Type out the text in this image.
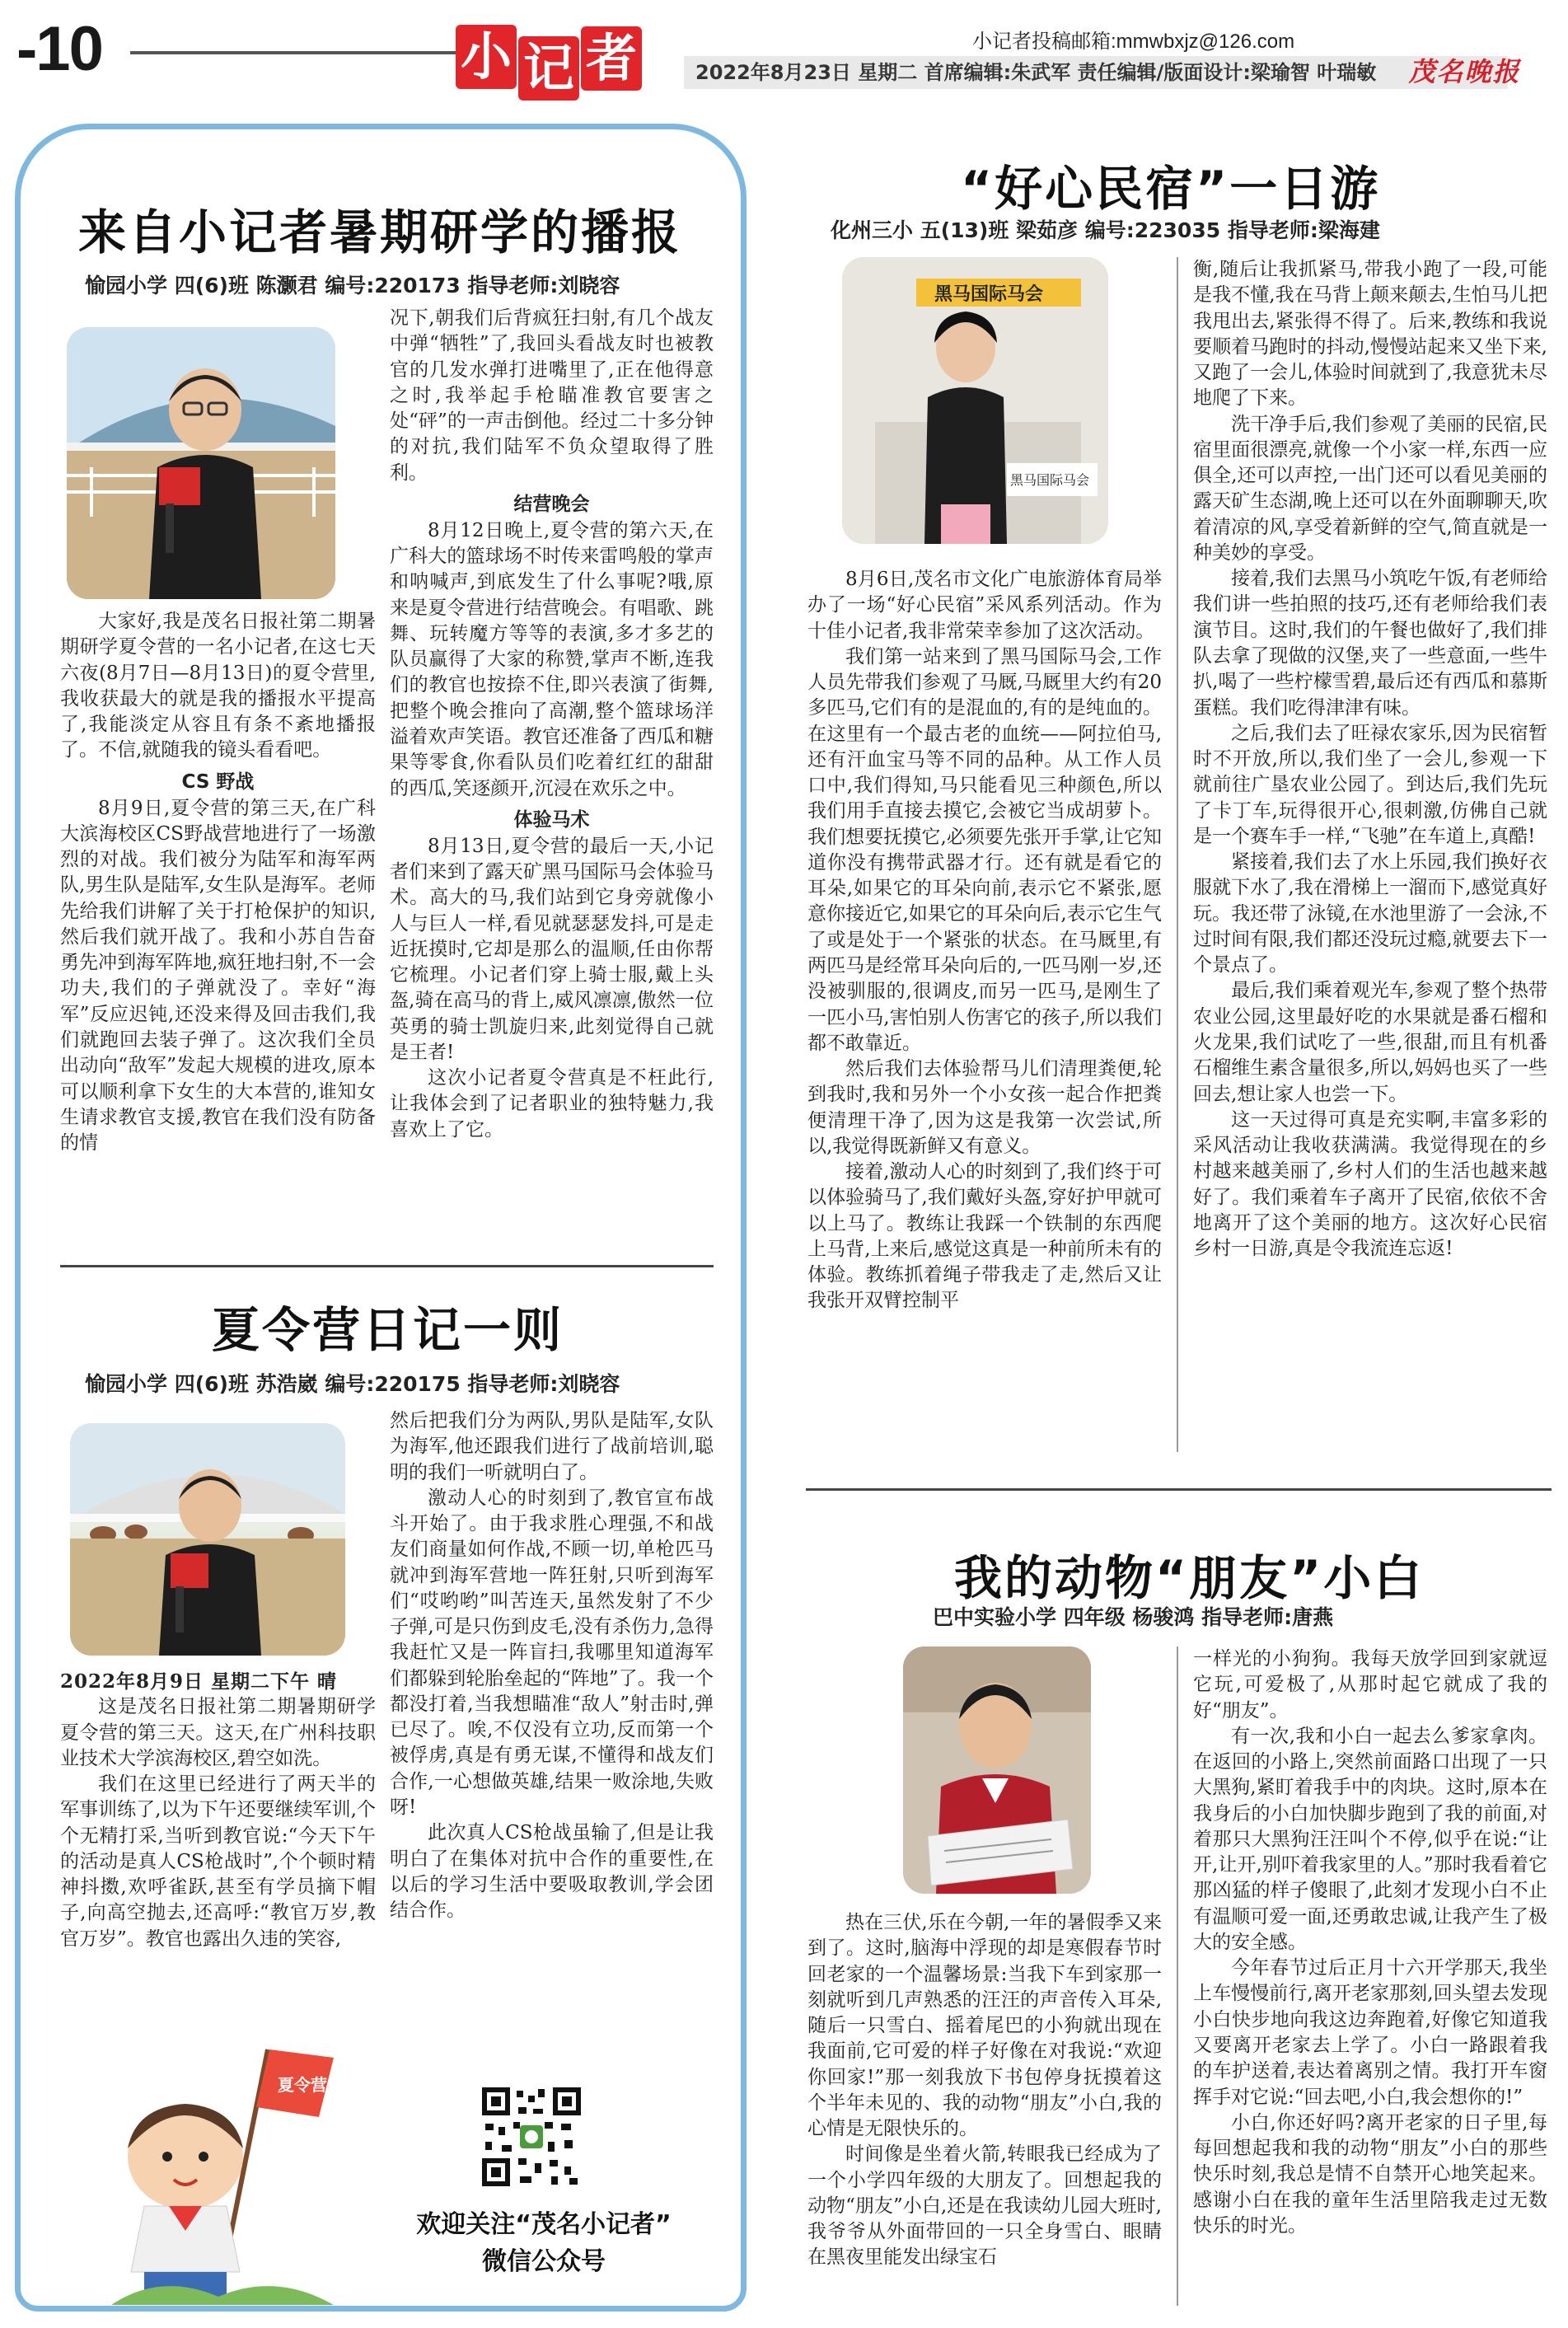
-10	小 记 者	小记者投稿邮箱:mmwbxjz@126.com
2022年8月23日 星期二 首席编辑:朱武军 责任编辑/版面设计:梁瑜智 叶瑞敏	茂名晚报
来自小记者暑期研学的播报
愉园小学 四(6)班 陈灏君 编号:220173 指导老师:刘晓容

大家好,我是茂名日报社第二期暑期研学夏令营的一名小记者,在这七天六夜(8月7日—8月13日)的夏令营里,我收获最大的就是我的播报水平提高了,我能淡定从容且有条不紊地播报了。不信,就随我的镜头看看吧。

CS 野战

8月9日,夏令营的第三天,在广科大滨海校区CS野战营地进行了一场激烈的对战。我们被分为陆军和海军两队,男生队是陆军,女生队是海军。老师先给我们讲解了关于打枪保护的知识,然后我们就开战了。我和小苏自告奋勇先冲到海军阵地,疯狂地扫射,不一会功夫,我们的子弹就没了。幸好“海军”反应迟钝,还没来得及回击我们,我们就跑回去装子弹了。这次我们全员出动向“敌军”发起大规模的进攻,原本可以顺利拿下女生的大本营的,谁知女生请求教官支援,教官在我们没有防备的情

况下,朝我们后背疯狂扫射,有几个战友中弹“牺牲”了,我回头看战友时也被教官的几发水弹打进嘴里了,正在他得意之时,我举起手枪瞄准教官要害之处“砰”的一声击倒他。经过二十多分钟的对抗,我们陆军不负众望取得了胜利。

结营晚会

8月12日晚上,夏令营的第六天,在广科大的篮球场不时传来雷鸣般的掌声和呐喊声,到底发生了什么事呢?哦,原来是夏令营进行结营晚会。有唱歌、跳舞、玩转魔方等等的表演,多才多艺的队员赢得了大家的称赞,掌声不断,连我们的教官也按捺不住,即兴表演了街舞,把整个晚会推向了高潮,整个篮球场洋溢着欢声笑语。教官还准备了西瓜和糖果等零食,你看队员们吃着红红的甜甜的西瓜,笑逐颜开,沉浸在欢乐之中。

体验马术

8月13日,夏令营的最后一天,小记者们来到了露天矿黑马国际马会体验马术。高大的马,我们站到它身旁就像小人与巨人一样,看见就瑟瑟发抖,可是走近抚摸时,它却是那么的温顺,任由你帮它梳理。小记者们穿上骑士服,戴上头盔,骑在高马的背上,威风凛凛,傲然一位英勇的骑士凯旋归来,此刻觉得自己就是王者!

这次小记者夏令营真是不枉此行,让我体会到了记者职业的独特魅力,我喜欢上了它。

夏令营日记一则
愉园小学 四(6)班 苏浩崴 编号:220175 指导老师:刘晓容

2022年8月9日 星期二下午 晴

这是茂名日报社第二期暑期研学夏令营的第三天。这天,在广州科技职业技术大学滨海校区,碧空如洗。

我们在这里已经进行了两天半的军事训练了,以为下午还要继续军训,个个无精打采,当听到教官说:“今天下午的活动是真人CS枪战时”,个个顿时精神抖擞,欢呼雀跃,甚至有学员摘下帽子,向高空抛去,还高呼:“教官万岁,教官万岁”。教官也露出久违的笑容,

然后把我们分为两队,男队是陆军,女队为海军,他还跟我们进行了战前培训,聪明的我们一听就明白了。

激动人心的时刻到了,教官宣布战斗开始了。由于我求胜心理强,不和战友们商量如何作战,不顾一切,单枪匹马就冲到海军营地一阵狂射,只听到海军们“哎哟哟”叫苦连天,虽然发射了不少子弹,可是只伤到皮毛,没有杀伤力,急得我赶忙又是一阵盲扫,我哪里知道海军们都躲到轮胎垒起的“阵地”了。我一个都没打着,当我想瞄准“敌人”射击时,弹已尽了。唉,不仅没有立功,反而第一个被俘虏,真是有勇无谋,不懂得和战友们合作,一心想做英雄,结果一败涂地,失败呀!

此次真人CS枪战虽输了,但是让我明白了在集体对抗中合作的重要性,在以后的学习生活中要吸取教训,学会团结合作。

夏令营
欢迎关注“茂名小记者”
微信公众号
“好心民宿”一日游
化州三小 五(13)班 梁茹彦 编号:223035 指导老师:梁海建
黑马国际马会
黑马国际马会

8月6日,茂名市文化广电旅游体育局举办了一场“好心民宿”采风系列活动。作为十佳小记者,我非常荣幸参加了这次活动。

我们第一站来到了黑马国际马会,工作人员先带我们参观了马厩,马厩里大约有20多匹马,它们有的是混血的,有的是纯血的。在这里有一个最古老的血统——阿拉伯马,还有汗血宝马等不同的品种。从工作人员口中,我们得知,马只能看见三种颜色,所以我们用手直接去摸它,会被它当成胡萝卜。我们想要抚摸它,必须要先张开手掌,让它知道你没有携带武器才行。还有就是看它的耳朵,如果它的耳朵向前,表示它不紧张,愿意你接近它,如果它的耳朵向后,表示它生气了或是处于一个紧张的状态。在马厩里,有两匹马是经常耳朵向后的,一匹马刚一岁,还没被驯服的,很调皮,而另一匹马,是刚生了一匹小马,害怕别人伤害它的孩子,所以我们都不敢靠近。

然后我们去体验帮马儿们清理粪便,轮到我时,我和另外一个小女孩一起合作把粪便清理干净了,因为这是我第一次尝试,所以,我觉得既新鲜又有意义。

接着,激动人心的时刻到了,我们终于可以体验骑马了,我们戴好头盔,穿好护甲就可以上马了。教练让我踩一个铁制的东西爬上马背,上来后,感觉这真是一种前所未有的体验。教练抓着绳子带我走了走,然后又让我张开双臂控制平

衡,随后让我抓紧马,带我小跑了一段,可能是我不懂,我在马背上颠来颠去,生怕马儿把我甩出去,紧张得不得了。后来,教练和我说要顺着马跑时的抖动,慢慢站起来又坐下来,又跑了一会儿,体验时间就到了,我意犹未尽地爬了下来。

洗干净手后,我们参观了美丽的民宿,民宿里面很漂亮,就像一个小家一样,东西一应俱全,还可以声控,一出门还可以看见美丽的露天矿生态湖,晚上还可以在外面聊聊天,吹着清凉的风,享受着新鲜的空气,简直就是一种美妙的享受。

接着,我们去黑马小筑吃午饭,有老师给我们讲一些拍照的技巧,还有老师给我们表演节目。这时,我们的午餐也做好了,我们排队去拿了现做的汉堡,夹了一些意面,一些牛扒,喝了一些柠檬雪碧,最后还有西瓜和慕斯蛋糕。我们吃得津津有味。

之后,我们去了旺禄农家乐,因为民宿暂时不开放,所以,我们坐了一会儿,参观一下就前往广垦农业公园了。到达后,我们先玩了卡丁车,玩得很开心,很刺激,仿佛自己就是一个赛车手一样,“飞驰”在车道上,真酷!

紧接着,我们去了水上乐园,我们换好衣服就下水了,我在滑梯上一溜而下,感觉真好玩。我还带了泳镜,在水池里游了一会泳,不过时间有限,我们都还没玩过瘾,就要去下一个景点了。

最后,我们乘着观光车,参观了整个热带农业公园,这里最好吃的水果就是番石榴和火龙果,我们试吃了一些,很甜,而且有机番石榴维生素含量很多,所以,妈妈也买了一些回去,想让家人也尝一下。

这一天过得可真是充实啊,丰富多彩的采风活动让我收获满满。我觉得现在的乡村越来越美丽了,乡村人们的生活也越来越好了。我们乘着车子离开了民宿,依依不舍地离开了这个美丽的地方。这次好心民宿乡村一日游,真是令我流连忘返!

我的动物“朋友”小白
巴中实验小学 四年级 杨骏鸿 指导老师:唐燕

热在三伏,乐在今朝,一年的暑假季又来到了。这时,脑海中浮现的却是寒假春节时回老家的一个温馨场景:当我下车到家那一刻就听到几声熟悉的汪汪的声音传入耳朵,随后一只雪白、摇着尾巴的小狗就出现在我面前,它可爱的样子好像在对我说:“欢迎你回家!”那一刻我放下书包停身抚摸着这个半年未见的、我的动物“朋友”小白,我的心情是无限快乐的。

时间像是坐着火箭,转眼我已经成为了一个小学四年级的大朋友了。回想起我的动物“朋友”小白,还是在我读幼儿园大班时,我爷爷从外面带回的一只全身雪白、眼睛在黑夜里能发出绿宝石

一样光的小狗狗。我每天放学回到家就逗它玩,可爱极了,从那时起它就成了我的好“朋友”。

有一次,我和小白一起去么爹家拿肉。在返回的小路上,突然前面路口出现了一只大黑狗,紧盯着我手中的肉块。这时,原本在我身后的小白加快脚步跑到了我的前面,对着那只大黑狗汪汪叫个不停,似乎在说:“让开,让开,别吓着我家里的人。”那时我看着它那凶猛的样子傻眼了,此刻才发现小白不止有温顺可爱一面,还勇敢忠诚,让我产生了极大的安全感。

今年春节过后正月十六开学那天,我坐上车慢慢前行,离开老家那刻,回头望去发现小白快步地向我这边奔跑着,好像它知道我又要离开老家去上学了。小白一路跟着我的车护送着,表达着离别之情。我打开车窗挥手对它说:“回去吧,小白,我会想你的!”

小白,你还好吗?离开老家的日子里,每每回想起我和我的动物“朋友”小白的那些快乐时刻,我总是情不自禁开心地笑起来。感谢小白在我的童年生活里陪我走过无数快乐的时光。
